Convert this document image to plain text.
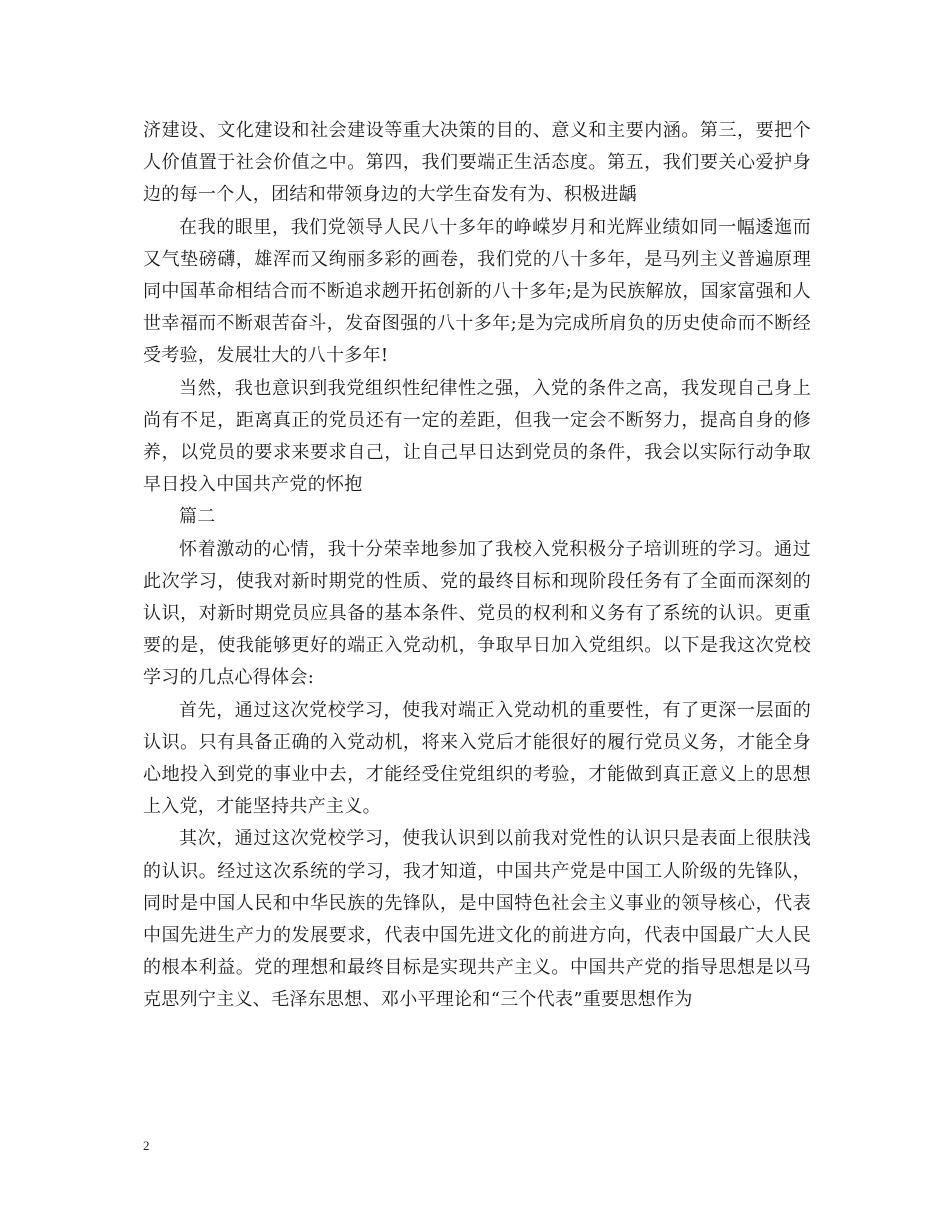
济建设、文化建设和社会建设等重大决策的目的、意义和主要内涵。第三，要把个人价值置于社会价值之中。第四，我们要端正生活态度。第五，我们要关心爱护身边的每一个人，团结和带领身边的大学生奋发有为、积极进龋

在我的眼里，我们党领导人民八十多年的峥嵘岁月和光辉业绩如同一幅逶迤而又气垫磅礴，雄浑而又绚丽多彩的画卷，我们党的八十多年，是马列主义普遍原理同中国革命相结合而不断追求趔开拓创新的八十多年;是为民族解放，国家富强和人世幸福而不断艰苦奋斗，发奋图强的八十多年;是为完成所肩负的历史使命而不断经受考验，发展壮大的八十多年!

当然，我也意识到我党组织性纪律性之强，入党的条件之高，我发现自己身上尚有不足，距离真正的党员还有一定的差距，但我一定会不断努力，提高自身的修养，以党员的要求来要求自己，让自己早日达到党员的条件，我会以实际行动争取早日投入中国共产党的怀抱

篇二

怀着激动的心情，我十分荣幸地参加了我校入党积极分子培训班的学习。通过此次学习，使我对新时期党的性质、党的最终目标和现阶段任务有了全面而深刻的认识，对新时期党员应具备的基本条件、党员的权利和义务有了系统的认识。更重要的是，使我能够更好的端正入党动机，争取早日加入党组织。以下是我这次党校学习的几点心得体会:

首先，通过这次党校学习，使我对端正入党动机的重要性，有了更深一层面的认识。只有具备正确的入党动机，将来入党后才能很好的履行党员义务，才能全身心地投入到党的事业中去，才能经受住党组织的考验，才能做到真正意义上的思想上入党，才能坚持共产主义。

其次，通过这次党校学习，使我认识到以前我对党性的认识只是表面上很肤浅的认识。经过这次系统的学习，我才知道，中国共产党是中国工人阶级的先锋队，同时是中国人民和中华民族的先锋队，是中国特色社会主义事业的领导核心，代表中国先进生产力的发展要求，代表中国先进文化的前进方向，代表中国最广大人民的根本利益。党的理想和最终目标是实现共产主义。中国共产党的指导思想是以马克思列宁主义、毛泽东思想、邓小平理论和“三个代表”重要思想作为

2
